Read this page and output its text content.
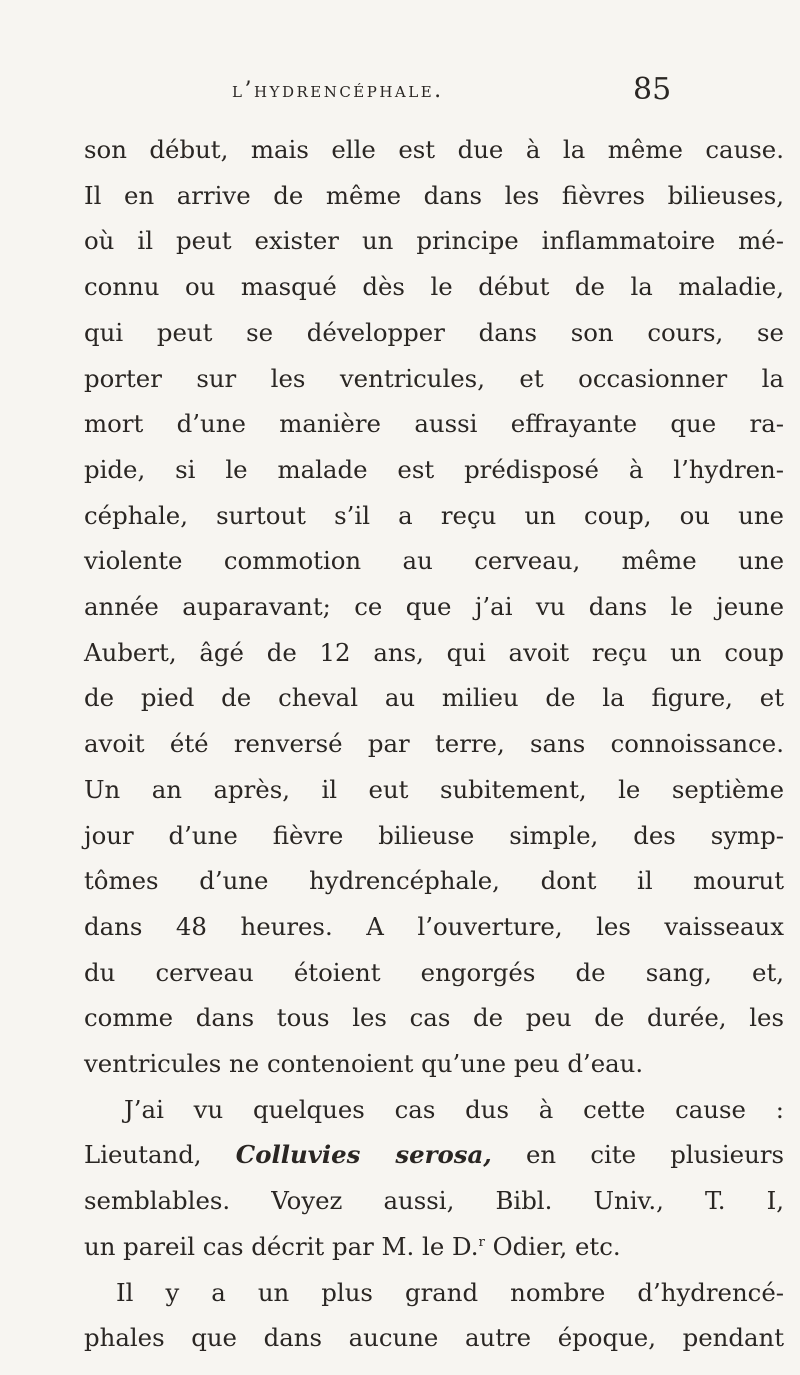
l’hydrencéphale.	85
son début, mais elle est due à la même cause.
Il en arrive de même dans les fièvres bilieuses,
où il peut exister un principe inflammatoire mé-
connu ou masqué dès le début de la maladie,
qui peut se développer dans son cours, se
porter sur les ventricules, et occasionner la
mort d’une manière aussi effrayante que ra-
pide, si le malade est prédisposé à l’hydren-
céphale, surtout s’il a reçu un coup, ou une
violente commotion au cerveau, même une
année auparavant; ce que j’ai vu dans le jeune
Aubert, âgé de 12 ans, qui avoit reçu un coup
de pied de cheval au milieu de la figure, et
avoit été renversé par terre, sans connoissance.
Un an après, il eut subitement, le septième
jour d’une fièvre bilieuse simple, des symp-
tômes d’une hydrencéphale, dont il mourut
dans 48 heures. A l’ouverture, les vaisseaux
du cerveau étoient engorgés de sang, et,
comme dans tous les cas de peu de durée, les
ventricules ne contenoient qu’une peu d’eau.
J’ai vu quelques cas dus à cette cause :
Lieutand, Colluvies serosa, en cite plusieurs
semblables. Voyez aussi, Bibl. Univ., T. I,
un pareil cas décrit par M. le D.$^r$ Odier, etc.
Il y a un plus grand nombre d’hydrencé-
phales que dans aucune autre époque, pendant
